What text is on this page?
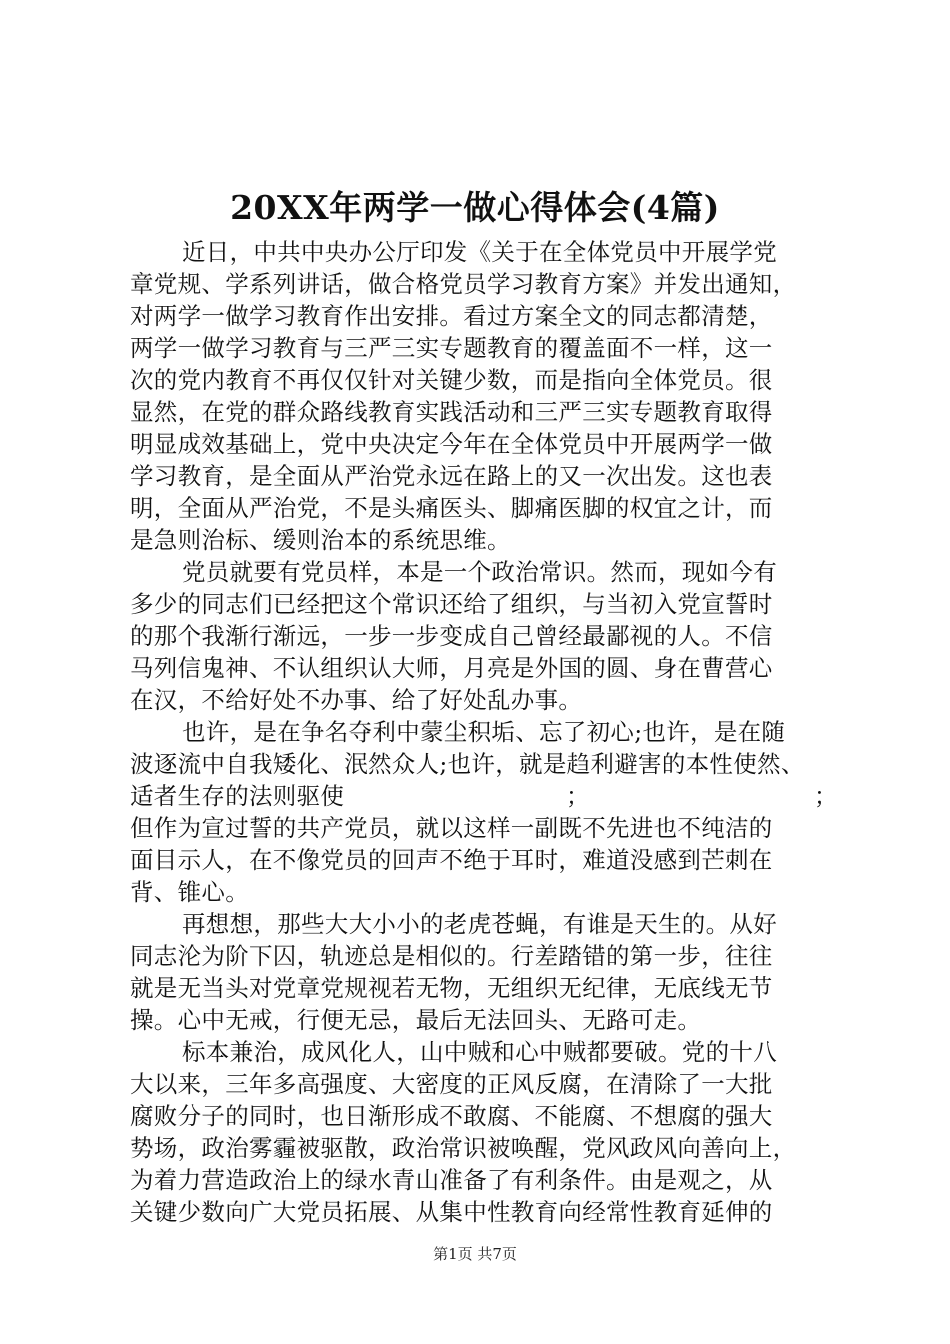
20XX年两学一做心得体会(4篇)
近日，中共中央办公厅印发《关于在全体党员中开展学党
章党规、学系列讲话，做合格党员学习教育方案》并发出通知，
对两学一做学习教育作出安排。看过方案全文的同志都清楚，
两学一做学习教育与三严三实专题教育的覆盖面不一样，这一
次的党内教育不再仅仅针对关键少数，而是指向全体党员。很
显然，在党的群众路线教育实践活动和三严三实专题教育取得
明显成效基础上，党中央决定今年在全体党员中开展两学一做
学习教育，是全面从严治党永远在路上的又一次出发。这也表
明，全面从严治党，不是头痛医头、脚痛医脚的权宜之计，而
是急则治标、缓则治本的系统思维。
党员就要有党员样，本是一个政治常识。然而，现如今有
多少的同志们已经把这个常识还给了组织，与当初入党宣誓时
的那个我渐行渐远，一步一步变成自己曾经最鄙视的人。不信
马列信鬼神、不认组织认大师，月亮是外国的圆、身在曹营心
在汉，不给好处不办事、给了好处乱办事。
也许，是在争名夺利中蒙尘积垢、忘了初心;也许，是在随
波逐流中自我矮化、泯然众人;也许，就是趋利避害的本性使然、
适者生存的法则驱使	；	；
但作为宣过誓的共产党员，就以这样一副既不先进也不纯洁的
面目示人，在不像党员的回声不绝于耳时，难道没感到芒刺在
背、锥心。
再想想，那些大大小小的老虎苍蝇，有谁是天生的。从好
同志沦为阶下囚，轨迹总是相似的。行差踏错的第一步，往往
就是无当头对党章党规视若无物，无组织无纪律，无底线无节
操。心中无戒，行便无忌，最后无法回头、无路可走。
标本兼治，成风化人，山中贼和心中贼都要破。党的十八
大以来，三年多高强度、大密度的正风反腐，在清除了一大批
腐败分子的同时，也日渐形成不敢腐、不能腐、不想腐的强大
势场，政治雾霾被驱散，政治常识被唤醒，党风政风向善向上，
为着力营造政治上的绿水青山准备了有利条件。由是观之，从
关键少数向广大党员拓展、从集中性教育向经常性教育延伸的
第1页 共7页
